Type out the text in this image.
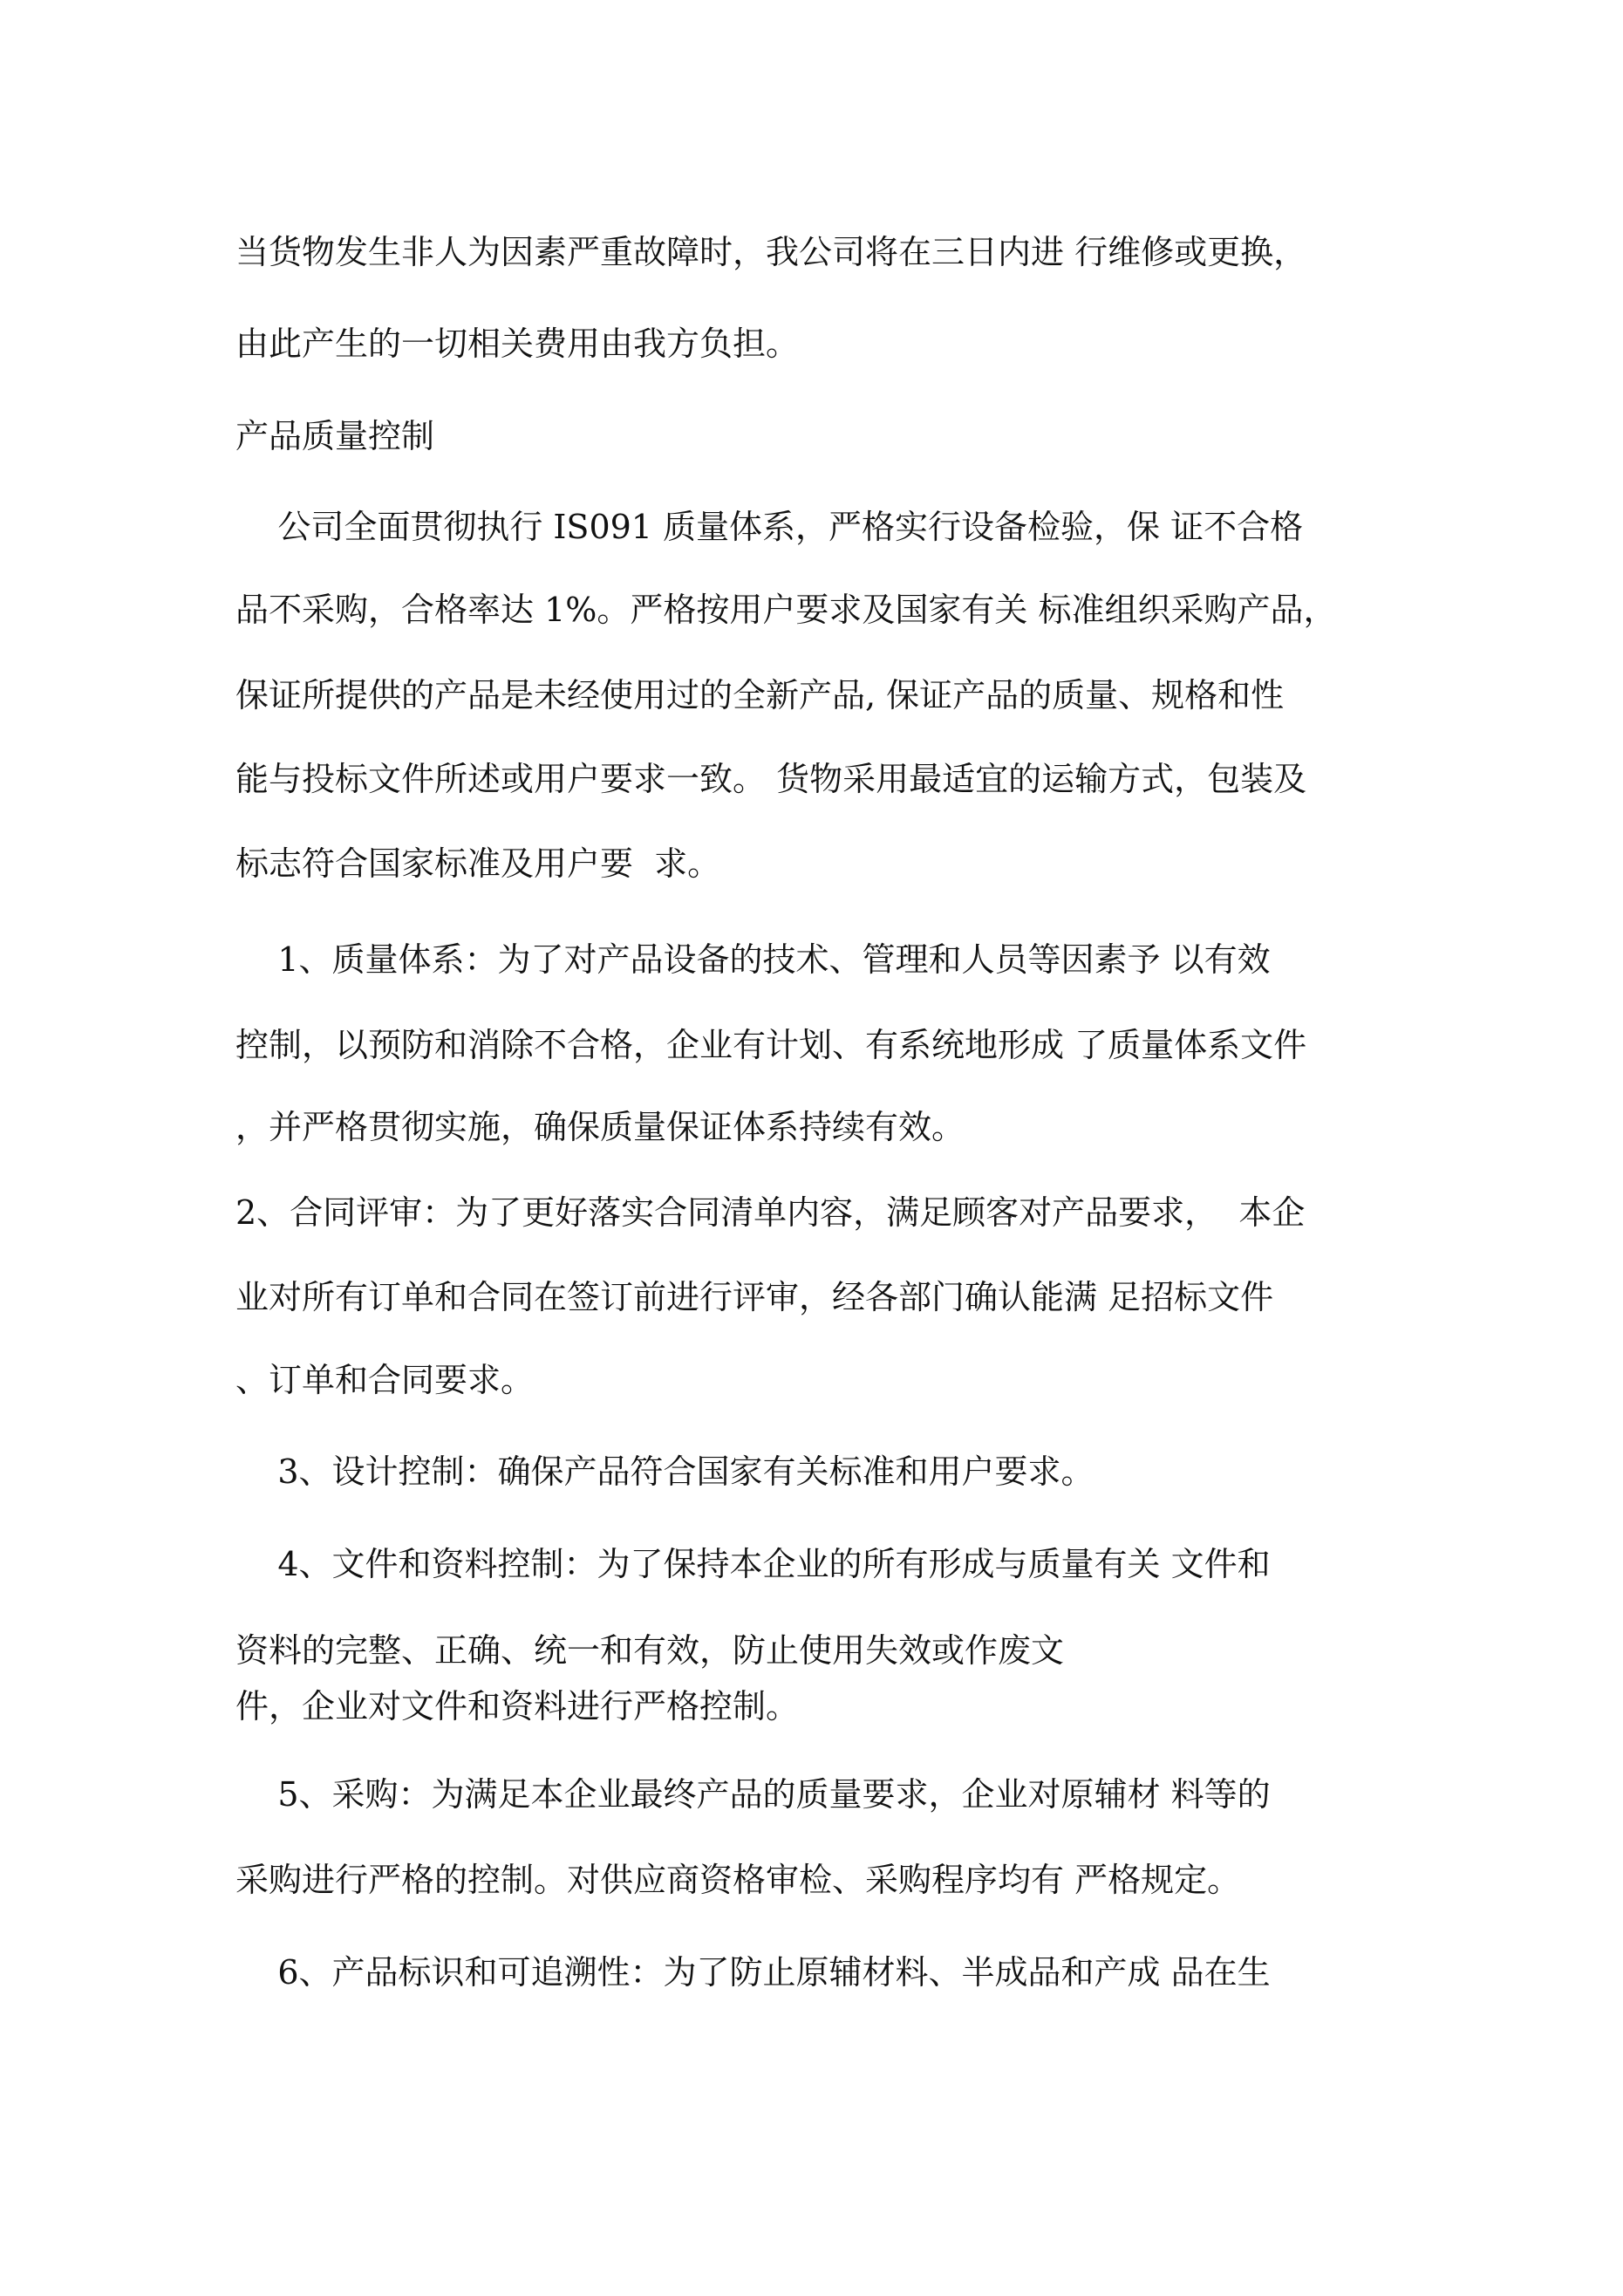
当货物发生非人为因素严重故障时，我公司将在三日内进 行维修或更换，

由此产生的一切相关费用由我方负担。

产品质量控制

公司全面贯彻执行 IS091 质量体系，严格实行设备检验，保 证不合格

品不采购，合格率达 1%。严格按用户要求及国家有关 标准组织采购产品，

保证所提供的产品是未经使用过的全新产品, 保证产品的质量、规格和性

能与投标文件所述或用户要求一致。 货物采用最适宜的运输方式，包装及

标志符合国家标准及用户要  求。

1、质量体系：为了对产品设备的技术、管理和人员等因素予 以有效

控制，以预防和消除不合格，企业有计划、有系统地形成 了质量体系文件

，并严格贯彻实施，确保质量保证体系持续有效。

2、合同评审：为了更好落实合同清单内容，满足顾客对产品要求，  本企

业对所有订单和合同在签订前进行评审，经各部门确认能满 足招标文件

、订单和合同要求。

3、设计控制：确保产品符合国家有关标准和用户要求。

4、文件和资料控制：为了保持本企业的所有形成与质量有关 文件和

资料的完整、正确、统一和有效，防止使用失效或作废文

件，企业对文件和资料进行严格控制。

5、采购：为满足本企业最终产品的质量要求，企业对原辅材 料等的

采购进行严格的控制。对供应商资格审检、采购程序均有 严格规定。

6、产品标识和可追溯性：为了防止原辅材料、半成品和产成 品在生
